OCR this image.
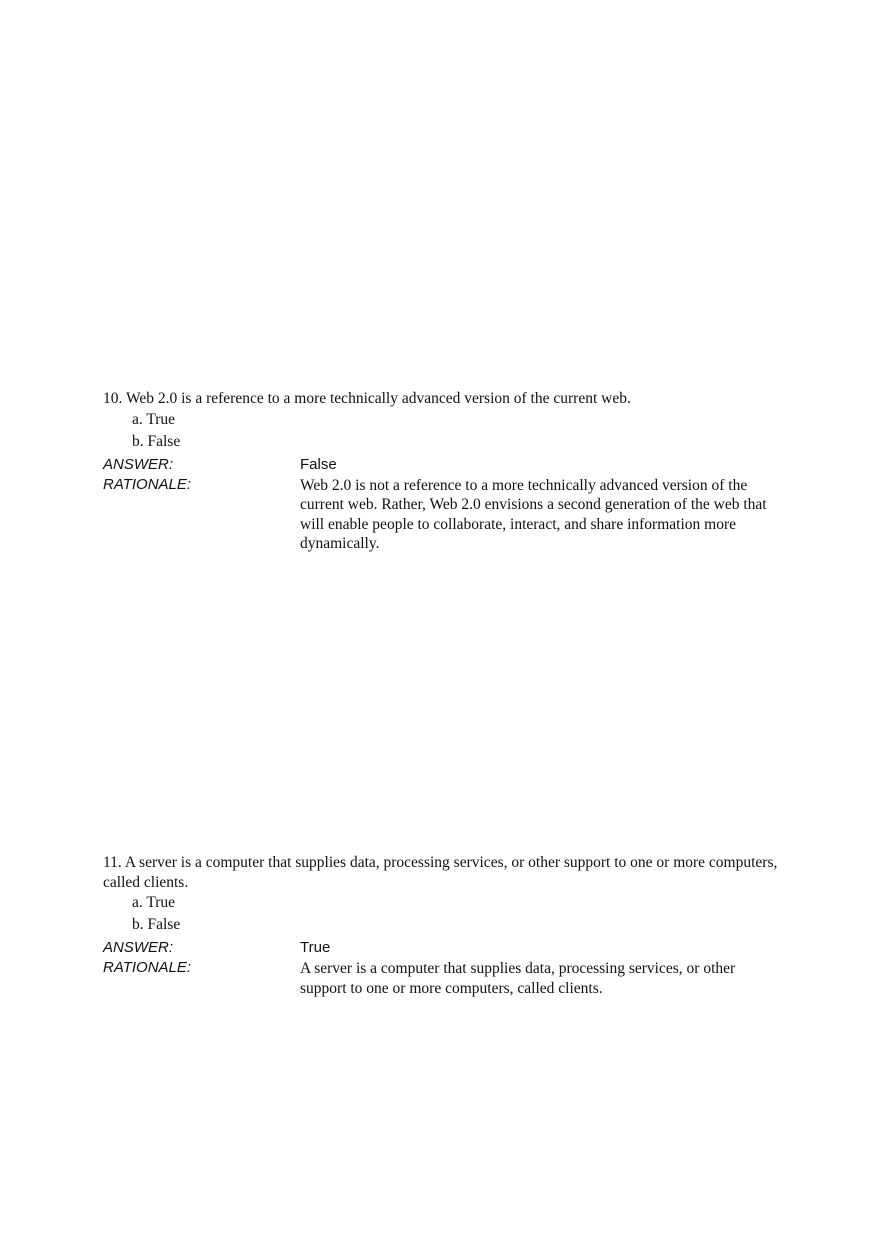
10. Web 2.0 is a reference to a more technically advanced version of the current web.

a. True
b. False
ANSWER:	False
RATIONALE:	Web 2.0 is not a reference to a more technically advanced version of the current web. Rather, Web 2.0 envisions a second generation of the web that will enable people to collaborate, interact, and share information more dynamically.

11. A server is a computer that supplies data, processing services, or other support to one or more computers, called clients.

a. True
b. False
ANSWER:	True
RATIONALE:	A server is a computer that supplies data, processing services, or other support to one or more computers, called clients.
